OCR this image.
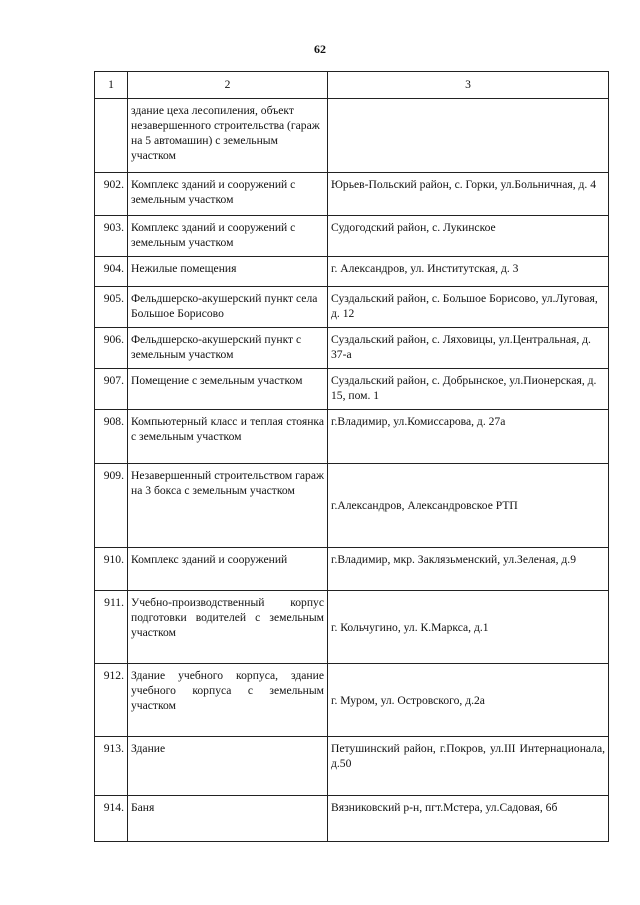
62
1	2	3
	здание цеха лесопиления, объект незавершенного строительства (гараж на 5 автомашин) с земельным участком	
902.	Комплекс зданий и сооружений с земельным участком	Юрьев-Польский район, с. Горки, ул.Больничная, д. 4
903.	Комплекс зданий и сооружений с земельным участком	Судогодский район, с. Лукинское
904.	Нежилые помещения	г. Александров, ул. Институтская, д. 3
905.	Фельдшерско-акушерский пункт села Большое Борисово	Суздальский район, с. Большое Борисово, ул.Луговая, д. 12
906.	Фельдшерско-акушерский пункт с земельным участком	Суздальский район, с. Ляховицы, ул.Центральная, д. 37-а
907.	Помещение с земельным участком	Суздальский район, с. Добрынское, ул.Пионерская, д. 15, пом. 1
908.	Компьютерный класс и теплая стоянка с земельным участком	г.Владимир, ул.Комиссарова, д. 27а
909.	Незавершенный строительством гараж на 3 бокса с земельным участком	г.Александров, Александровское РТП
910.	Комплекс зданий и сооружений	г.Владимир, мкр. Заклязьменский, ул.Зеленая, д.9
911.	Учебно-производственный корпус подготовки водителей с земельным участком	г. Кольчугино, ул. К.Маркса, д.1
912.	Здание учебного корпуса, здание учебного корпуса с земельным участком	г. Муром, ул. Островского, д.2а
913.	Здание	Петушинский район, г.Покров, ул.III Интернационала, д.50
914.	Баня	Вязниковский р-н, пгт.Мстера, ул.Садовая, 6б
